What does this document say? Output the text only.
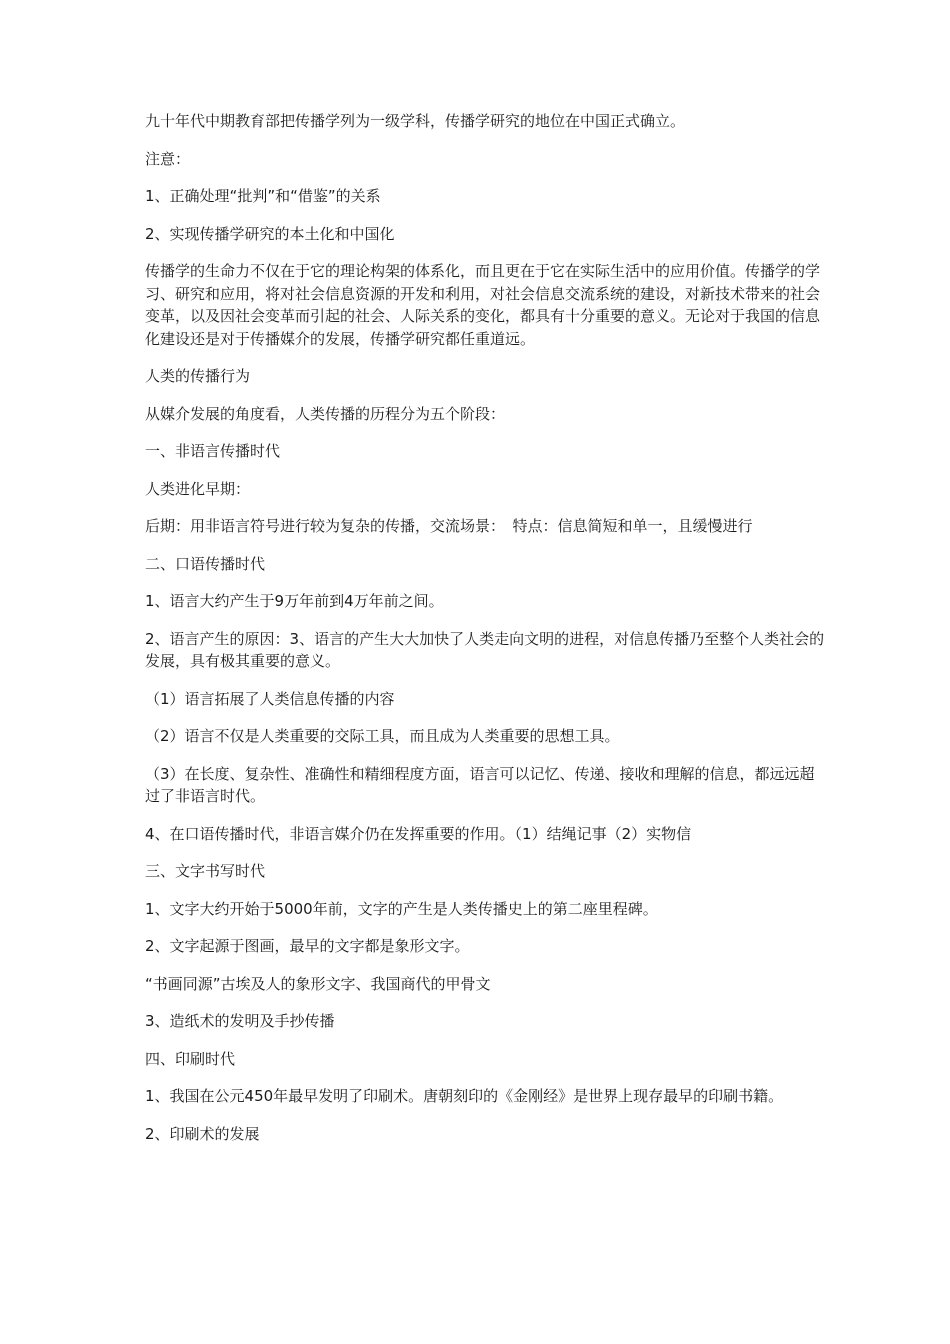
九十年代中期教育部把传播学列为一级学科，传播学研究的地位在中国正式确立。

注意：

1、正确处理“批判”和“借鉴”的关系

2、实现传播学研究的本土化和中国化

传播学的生命力不仅在于它的理论构架的体系化，而且更在于它在实际生活中的应用价值。传播学的学习、研究和应用，将对社会信息资源的开发和利用，对社会信息交流系统的建设，对新技术带来的社会变革，以及因社会变革而引起的社会、人际关系的变化，都具有十分重要的意义。无论对于我国的信息化建设还是对于传播媒介的发展，传播学研究都任重道远。

人类的传播行为

从媒介发展的角度看，人类传播的历程分为五个阶段：

一、非语言传播时代

人类进化早期：

后期：用非语言符号进行较为复杂的传播，交流场景：　特点：信息简短和单一，且缓慢进行

二、口语传播时代

1、语言大约产生于9万年前到4万年前之间。

2、语言产生的原因：3、语言的产生大大加快了人类走向文明的进程，对信息传播乃至整个人类社会的发展，具有极其重要的意义。

（1）语言拓展了人类信息传播的内容

（2）语言不仅是人类重要的交际工具，而且成为人类重要的思想工具。

（3）在长度、复杂性、准确性和精细程度方面，语言可以记忆、传递、接收和理解的信息，都远远超过了非语言时代。

4、在口语传播时代，非语言媒介仍在发挥重要的作用。（1）结绳记事（2）实物信

三、文字书写时代

1、文字大约开始于5000年前，文字的产生是人类传播史上的第二座里程碑。

2、文字起源于图画，最早的文字都是象形文字。

“书画同源”古埃及人的象形文字、我国商代的甲骨文

3、造纸术的发明及手抄传播

四、印刷时代

1、我国在公元450年最早发明了印刷术。唐朝刻印的《金刚经》是世界上现存最早的印刷书籍。

2、印刷术的发展
